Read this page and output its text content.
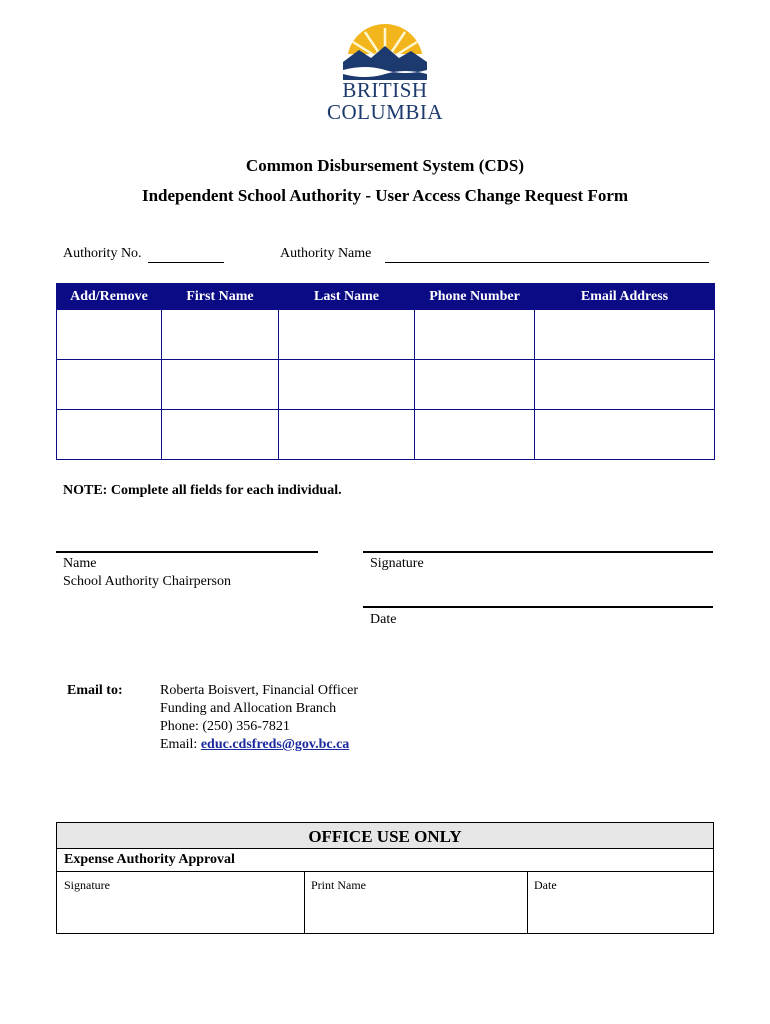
BRITISH
COLUMBIA
Common Disbursement System (CDS)
Independent School Authority - User Access Change Request Form
Authority No.	Authority Name
Add/Remove	First Name	Last Name	Phone Number	Email Address

NOTE: Complete all fields for each individual.
Name
School Authority Chairperson
Signature
Date
Email to:	Roberta Boisvert, Financial Officer
Funding and Allocation Branch
Phone: (250) 356-7821
Email: educ.cdsfreds@gov.bc.ca
OFFICE USE ONLY
Expense Authority Approval
Signature	Print Name	Date
